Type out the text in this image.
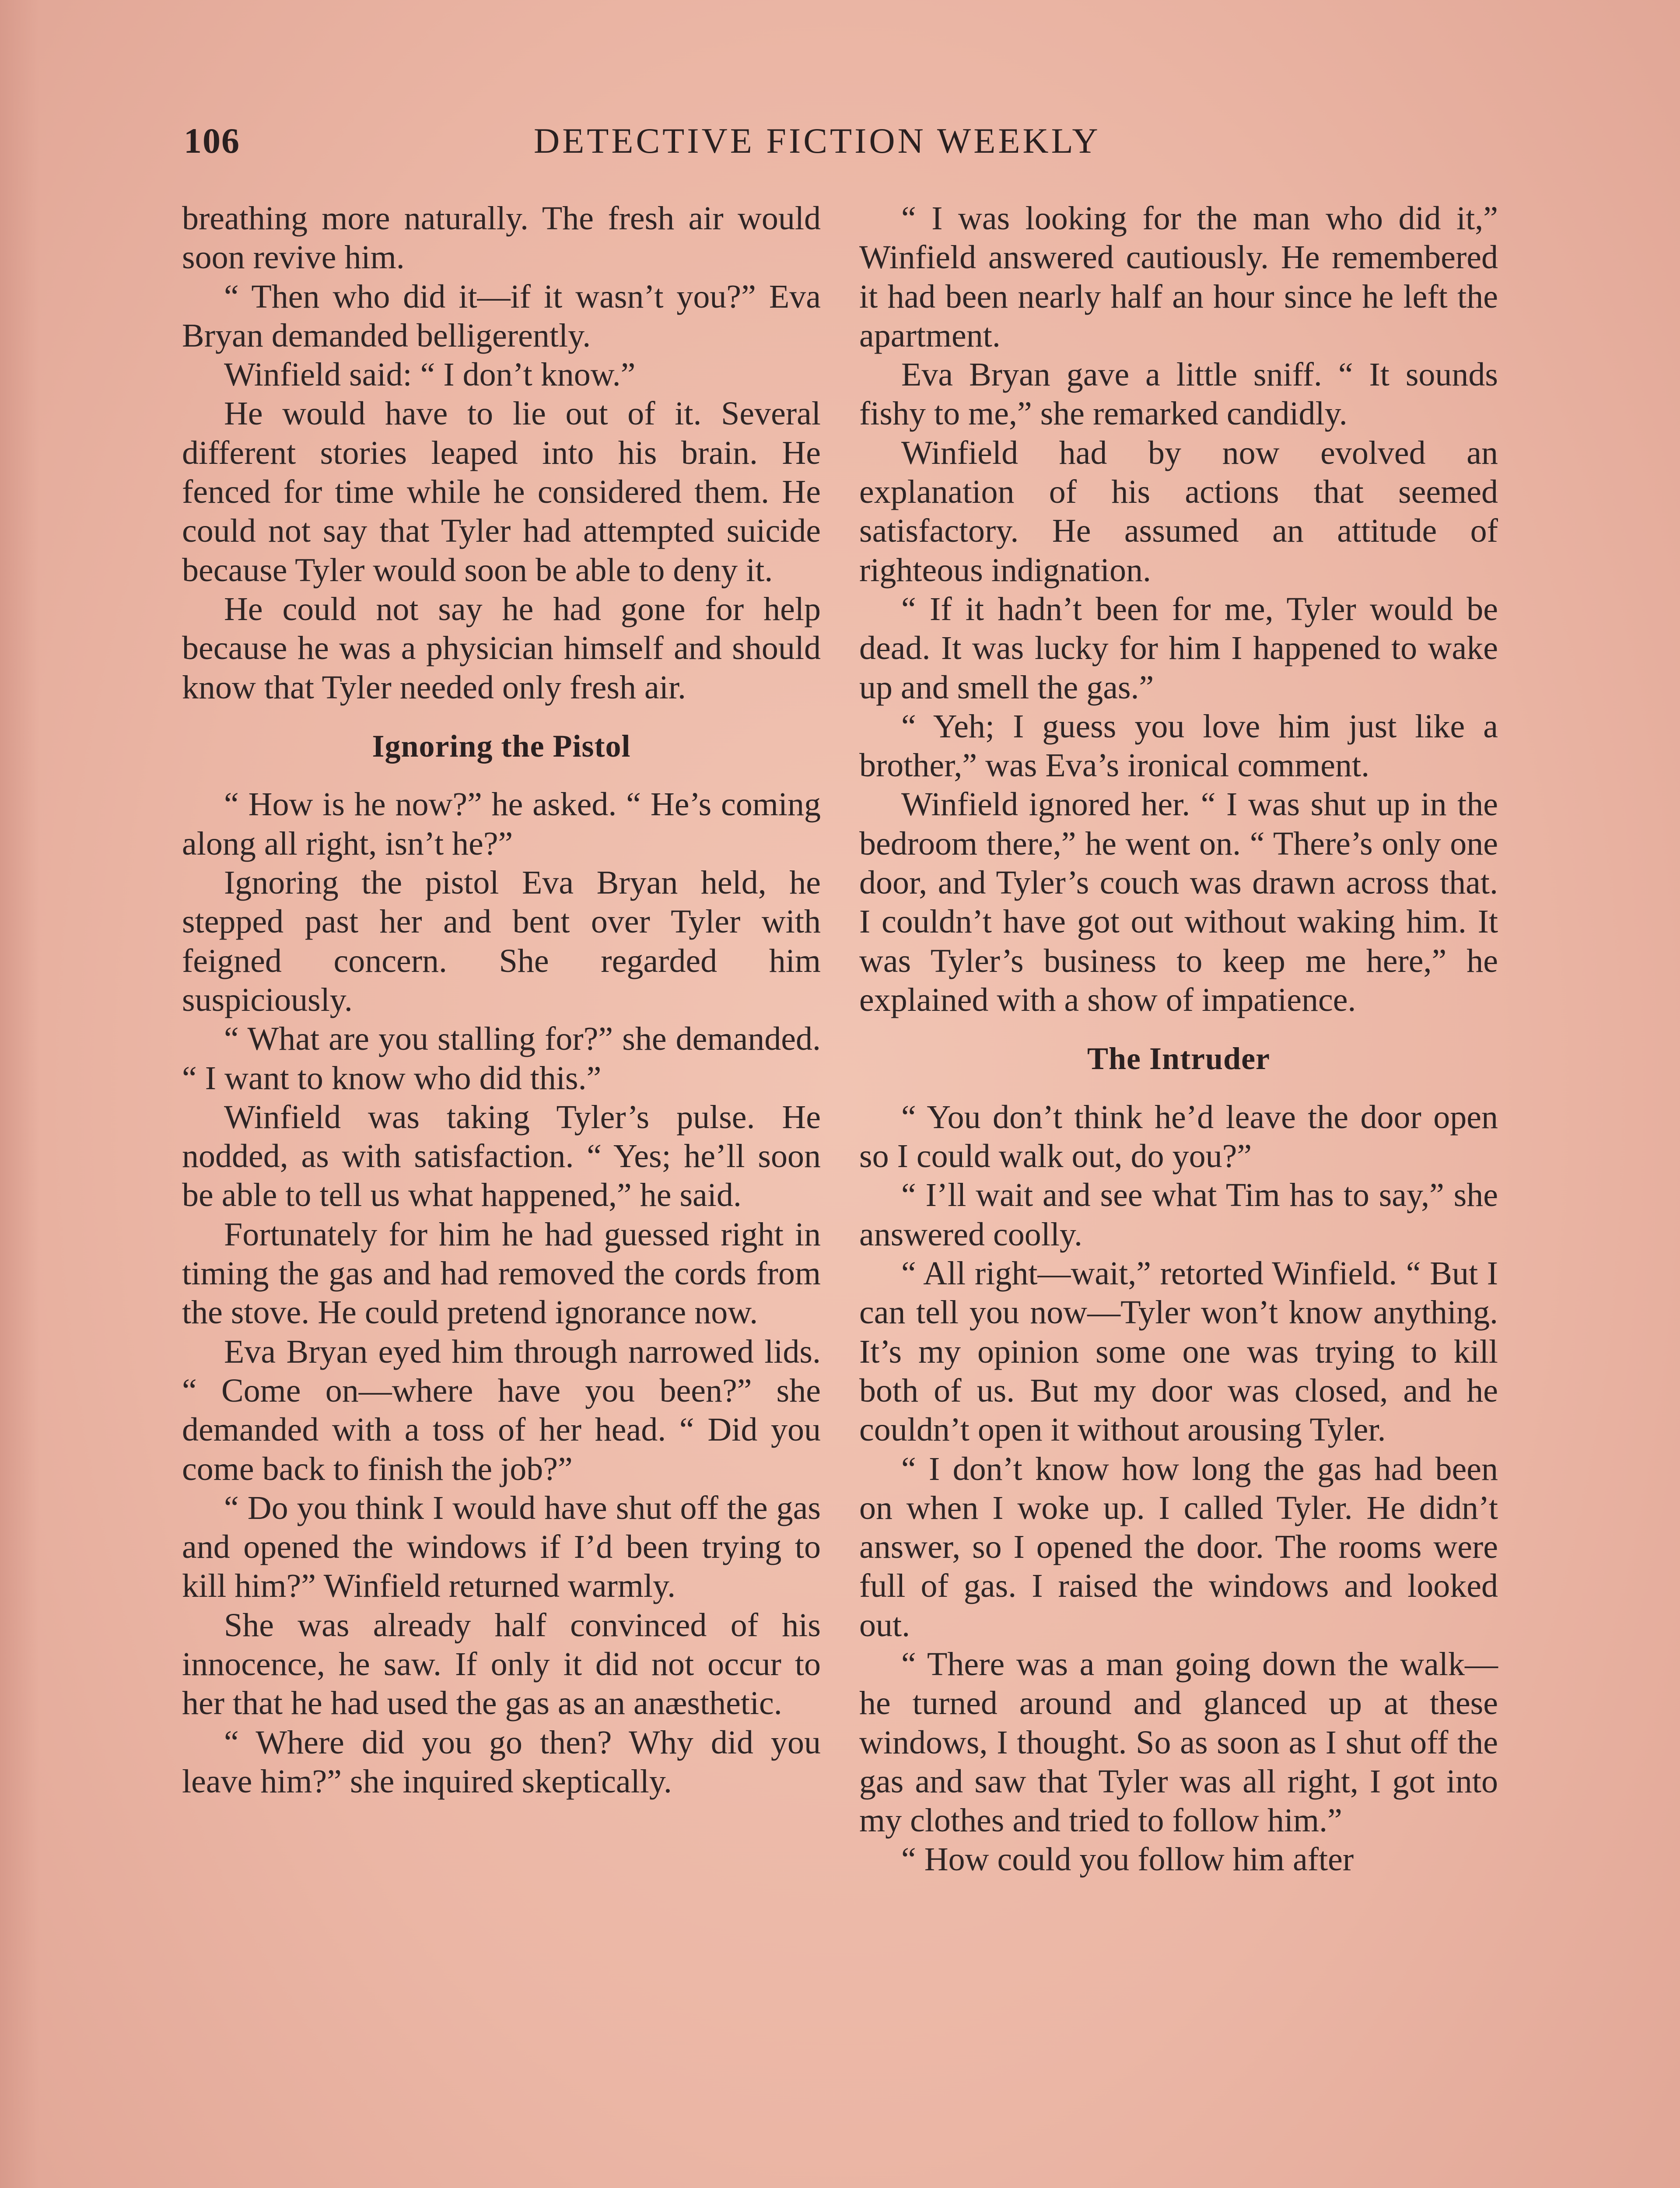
106	DETECTIVE FICTION WEEKLY

breathing more naturally. The fresh air would soon revive him.

“ Then who did it—if it wasn’t you?” Eva Bryan demanded belligerently.

Winfield said: “ I don’t know.”

He would have to lie out of it. Several different stories leaped into his brain. He fenced for time while he considered them. He could not say that Tyler had attempted suicide because Tyler would soon be able to deny it.

He could not say he had gone for help because he was a physician himself and should know that Tyler needed only fresh air.

Ignoring the Pistol

“ How is he now?” he asked. “ He’s coming along all right, isn’t he?”

Ignoring the pistol Eva Bryan held, he stepped past her and bent over Tyler with feigned concern. She regarded him suspiciously.

“ What are you stalling for?” she demanded. “ I want to know who did this.”

Winfield was taking Tyler’s pulse. He nodded, as with satisfaction. “ Yes; he’ll soon be able to tell us what happened,” he said.

Fortunately for him he had guessed right in timing the gas and had removed the cords from the stove. He could pretend ignorance now.

Eva Bryan eyed him through narrowed lids. “ Come on—where have you been?” she demanded with a toss of her head. “ Did you come back to finish the job?”

“ Do you think I would have shut off the gas and opened the windows if I’d been trying to kill him?” Winfield returned warmly.

She was already half convinced of his innocence, he saw. If only it did not occur to her that he had used the gas as an anæsthetic.

“ Where did you go then? Why did you leave him?” she inquired skeptically.

“ I was looking for the man who did it,” Winfield answered cautiously. He remembered it had been nearly half an hour since he left the apartment.

Eva Bryan gave a little sniff. “ It sounds fishy to me,” she remarked candidly.

Winfield had by now evolved an explanation of his actions that seemed satisfactory. He assumed an attitude of righteous indignation.

“ If it hadn’t been for me, Tyler would be dead. It was lucky for him I happened to wake up and smell the gas.”

“ Yeh; I guess you love him just like a brother,” was Eva’s ironical comment.

Winfield ignored her. “ I was shut up in the bedroom there,” he went on. “ There’s only one door, and Tyler’s couch was drawn across that. I couldn’t have got out without waking him. It was Tyler’s business to keep me here,” he explained with a show of impatience.

The Intruder

“ You don’t think he’d leave the door open so I could walk out, do you?”

“ I’ll wait and see what Tim has to say,” she answered coolly.

“ All right—wait,” retorted Winfield. “ But I can tell you now—Tyler won’t know anything. It’s my opinion some one was trying to kill both of us. But my door was closed, and he couldn’t open it without arousing Tyler.

“ I don’t know how long the gas had been on when I woke up. I called Tyler. He didn’t answer, so I opened the door. The rooms were full of gas. I raised the windows and looked out.

“ There was a man going down the walk—he turned around and glanced up at these windows, I thought. So as soon as I shut off the gas and saw that Tyler was all right, I got into my clothes and tried to follow him.”

“ How could you follow him after
